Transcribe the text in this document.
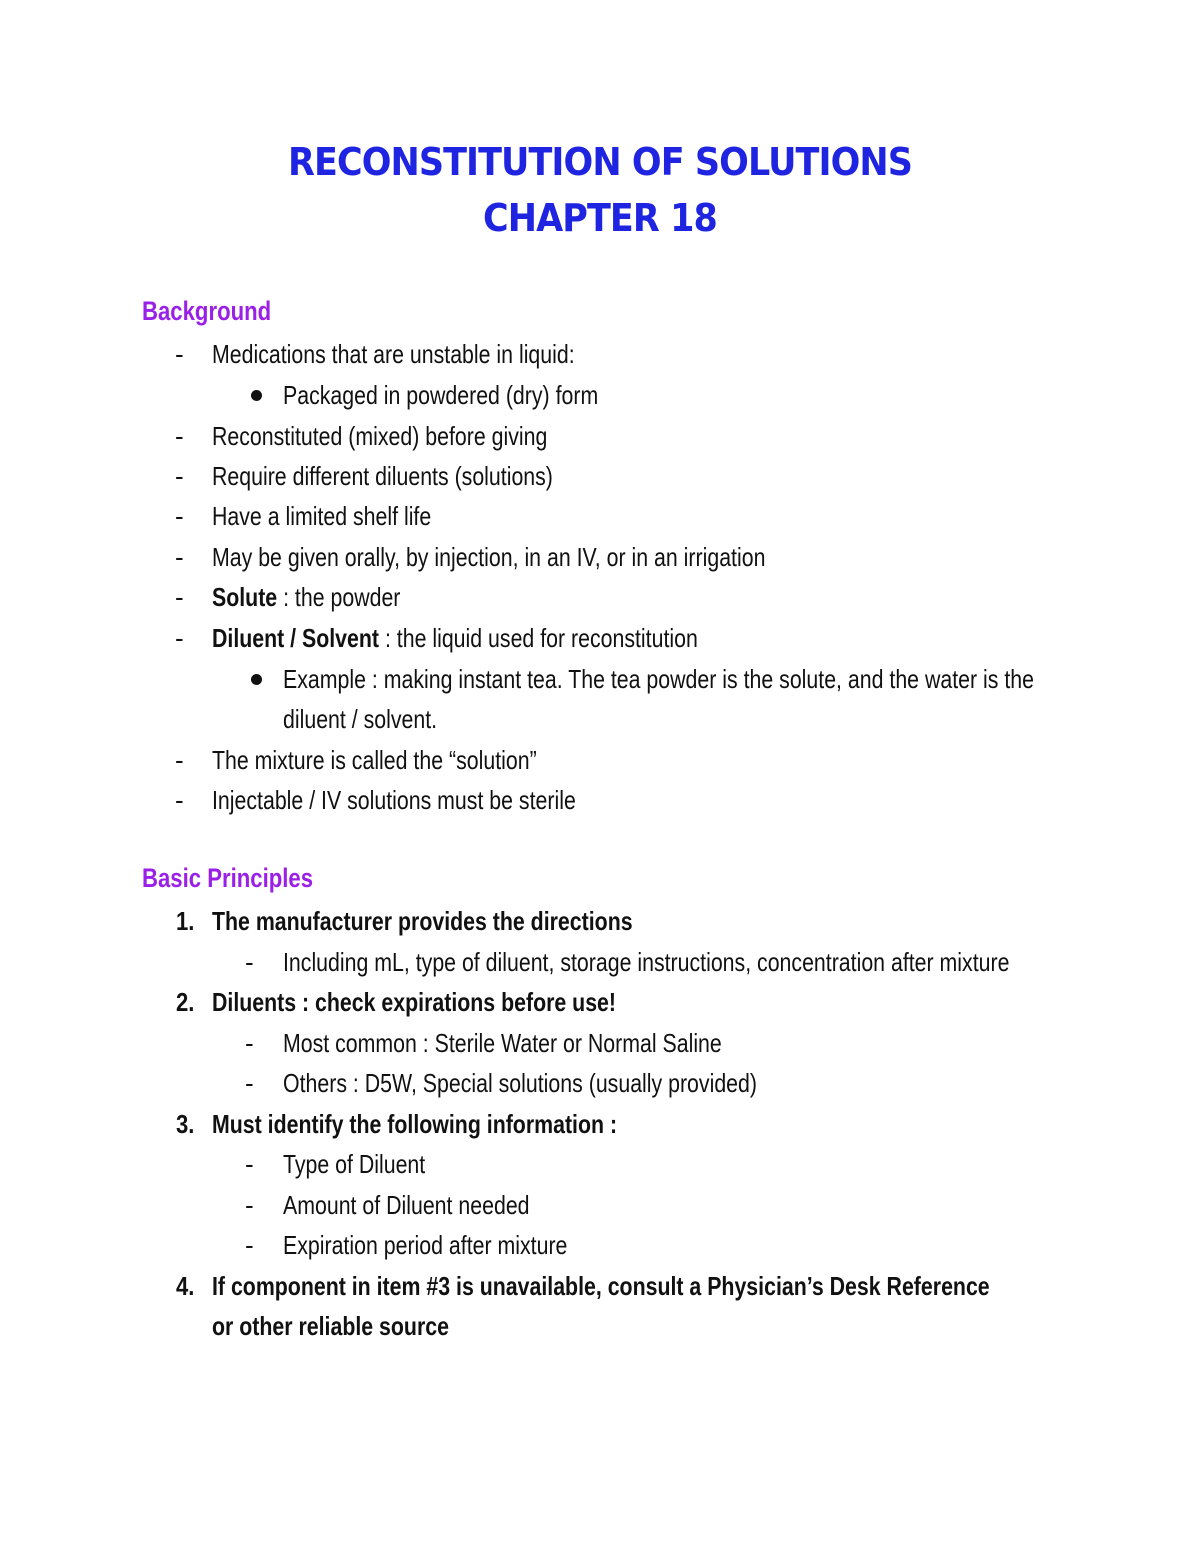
RECONSTITUTION OF SOLUTIONS
CHAPTER 18
Background
- Medications that are unstable in liquid:
Packaged in powdered (dry) form
- Reconstituted (mixed) before giving
- Require different diluents (solutions)
- Have a limited shelf life
- May be given orally, by injection, in an IV, or in an irrigation
- Solute : the powder
- Diluent / Solvent : the liquid used for reconstitution
Example : making instant tea. The tea powder is the solute, and the water is the
diluent / solvent.
- The mixture is called the “solution”
- Injectable / IV solutions must be sterile
Basic Principles
1. The manufacturer provides the directions
- Including mL, type of diluent, storage instructions, concentration after mixture
2. Diluents : check expirations before use!
- Most common : Sterile Water or Normal Saline
- Others : D5W, Special solutions (usually provided)
3. Must identify the following information :
- Type of Diluent
- Amount of Diluent needed
- Expiration period after mixture
4. If component in item #3 is unavailable, consult a Physician’s Desk Reference
or other reliable source
